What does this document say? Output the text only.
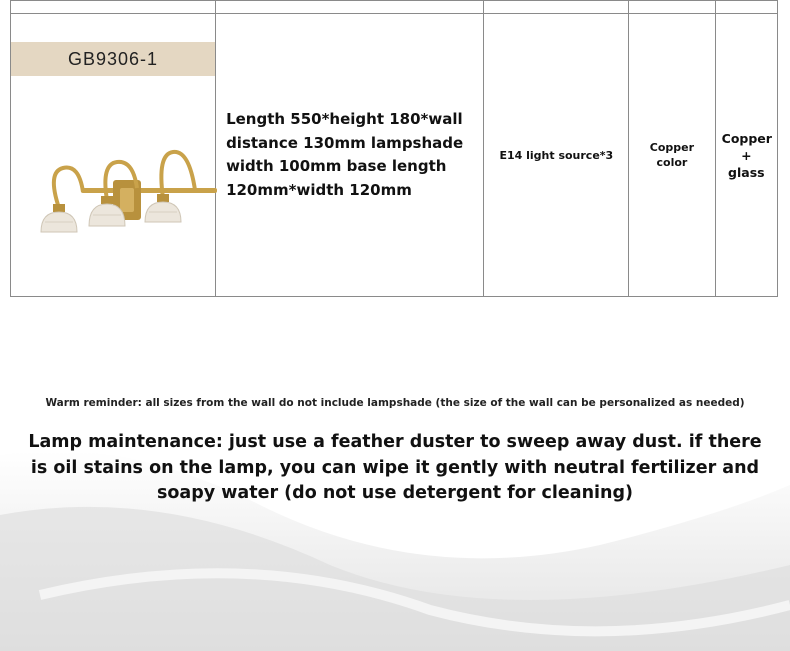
GB9306-1	Length 550*height 180*wall distance 130mm lampshade width 100mm base length 120mm*width 120mm	E14 light source*3	Copper color	Copper + glass
Warm reminder: all sizes from the wall do not include lampshade (the size of the wall can be personalized as needed)
Lamp maintenance: just use a feather duster to sweep away dust. if there is oil stains on the lamp, you can wipe it gently with neutral fertilizer and soapy water (do not use detergent for cleaning)
